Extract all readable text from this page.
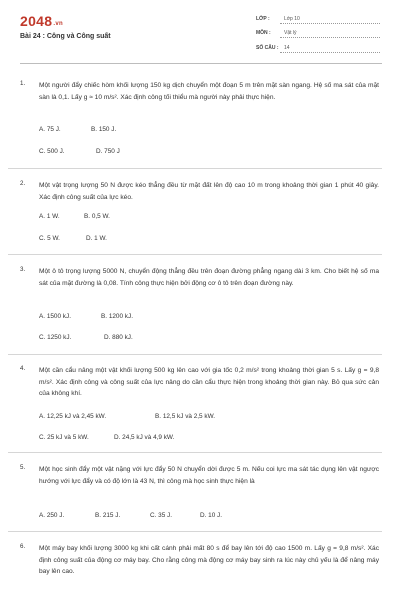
2048.vn
Bài 24 : Công và Công suất
LỚP :	Lớp 10
MÔN :	Vật lý
SỐ CÂU : 14
1. Một người đẩy chiếc hòm khối lượng 150 kg dịch chuyển một đoạn 5 m trên mặt sàn ngang. Hệ số ma sát của mặt sàn là 0,1. Lấy g ≈ 10 m/s². Xác định công tối thiểu mà người này phải thực hiện.

A. 75 J.	B. 150 J.
C. 500 J.	D. 750 J
2. Một vật trọng lượng 50 N được kéo thẳng đều từ mặt đất lên độ cao 10 m trong khoảng thời gian 1 phút 40 giây. Xác định công suất của lực kéo.

A. 1 W.	B. 0,5 W.
C. 5 W.	D. 1 W.
3. Một ô tô trọng lượng 5000 N, chuyển động thẳng đều trên đoạn đường phẳng ngang dài 3 km. Cho biết hệ số ma sát của mặt đường là 0,08. Tính công thực hiện bởi động cơ ô tô trên đoạn đường này.

A. 1500 kJ.	B. 1200 kJ.
C. 1250 kJ.	D. 880 kJ.
4. Một cần cẩu nâng một vật khối lượng 500 kg lên cao với gia tốc 0,2 m/s² trong khoảng thời gian 5 s. Lấy g = 9,8 m/s². Xác định công và công suất của lực nâng do cần cẩu thực hiện trong khoảng thời gian này. Bỏ qua sức cản của không khí.

A. 12,25 kJ và 2,45 kW.	B. 12,5 kJ và 2,5 kW.
C. 25 kJ và 5 kW.	D. 24,5 kJ và 4,9 kW.
5. Một học sinh đẩy một vật nặng với lực đẩy 50 N chuyển dời được 5 m. Nếu coi lực ma sát tác dụng lên vật ngược hướng với lực đẩy và có độ lớn là 43 N, thì công mà học sinh thực hiện là

A. 250 J.	B. 215 J.	C. 35 J.	D. 10 J.
6. Một máy bay khối lượng 3000 kg khi cất cánh phải mất 80 s để bay lên tới độ cao 1500 m. Lấy g = 9,8 m/s². Xác định công suất của động cơ máy bay. Cho rằng công mà động cơ máy bay sinh ra lúc này chủ yếu là để nâng máy bay lên cao.
